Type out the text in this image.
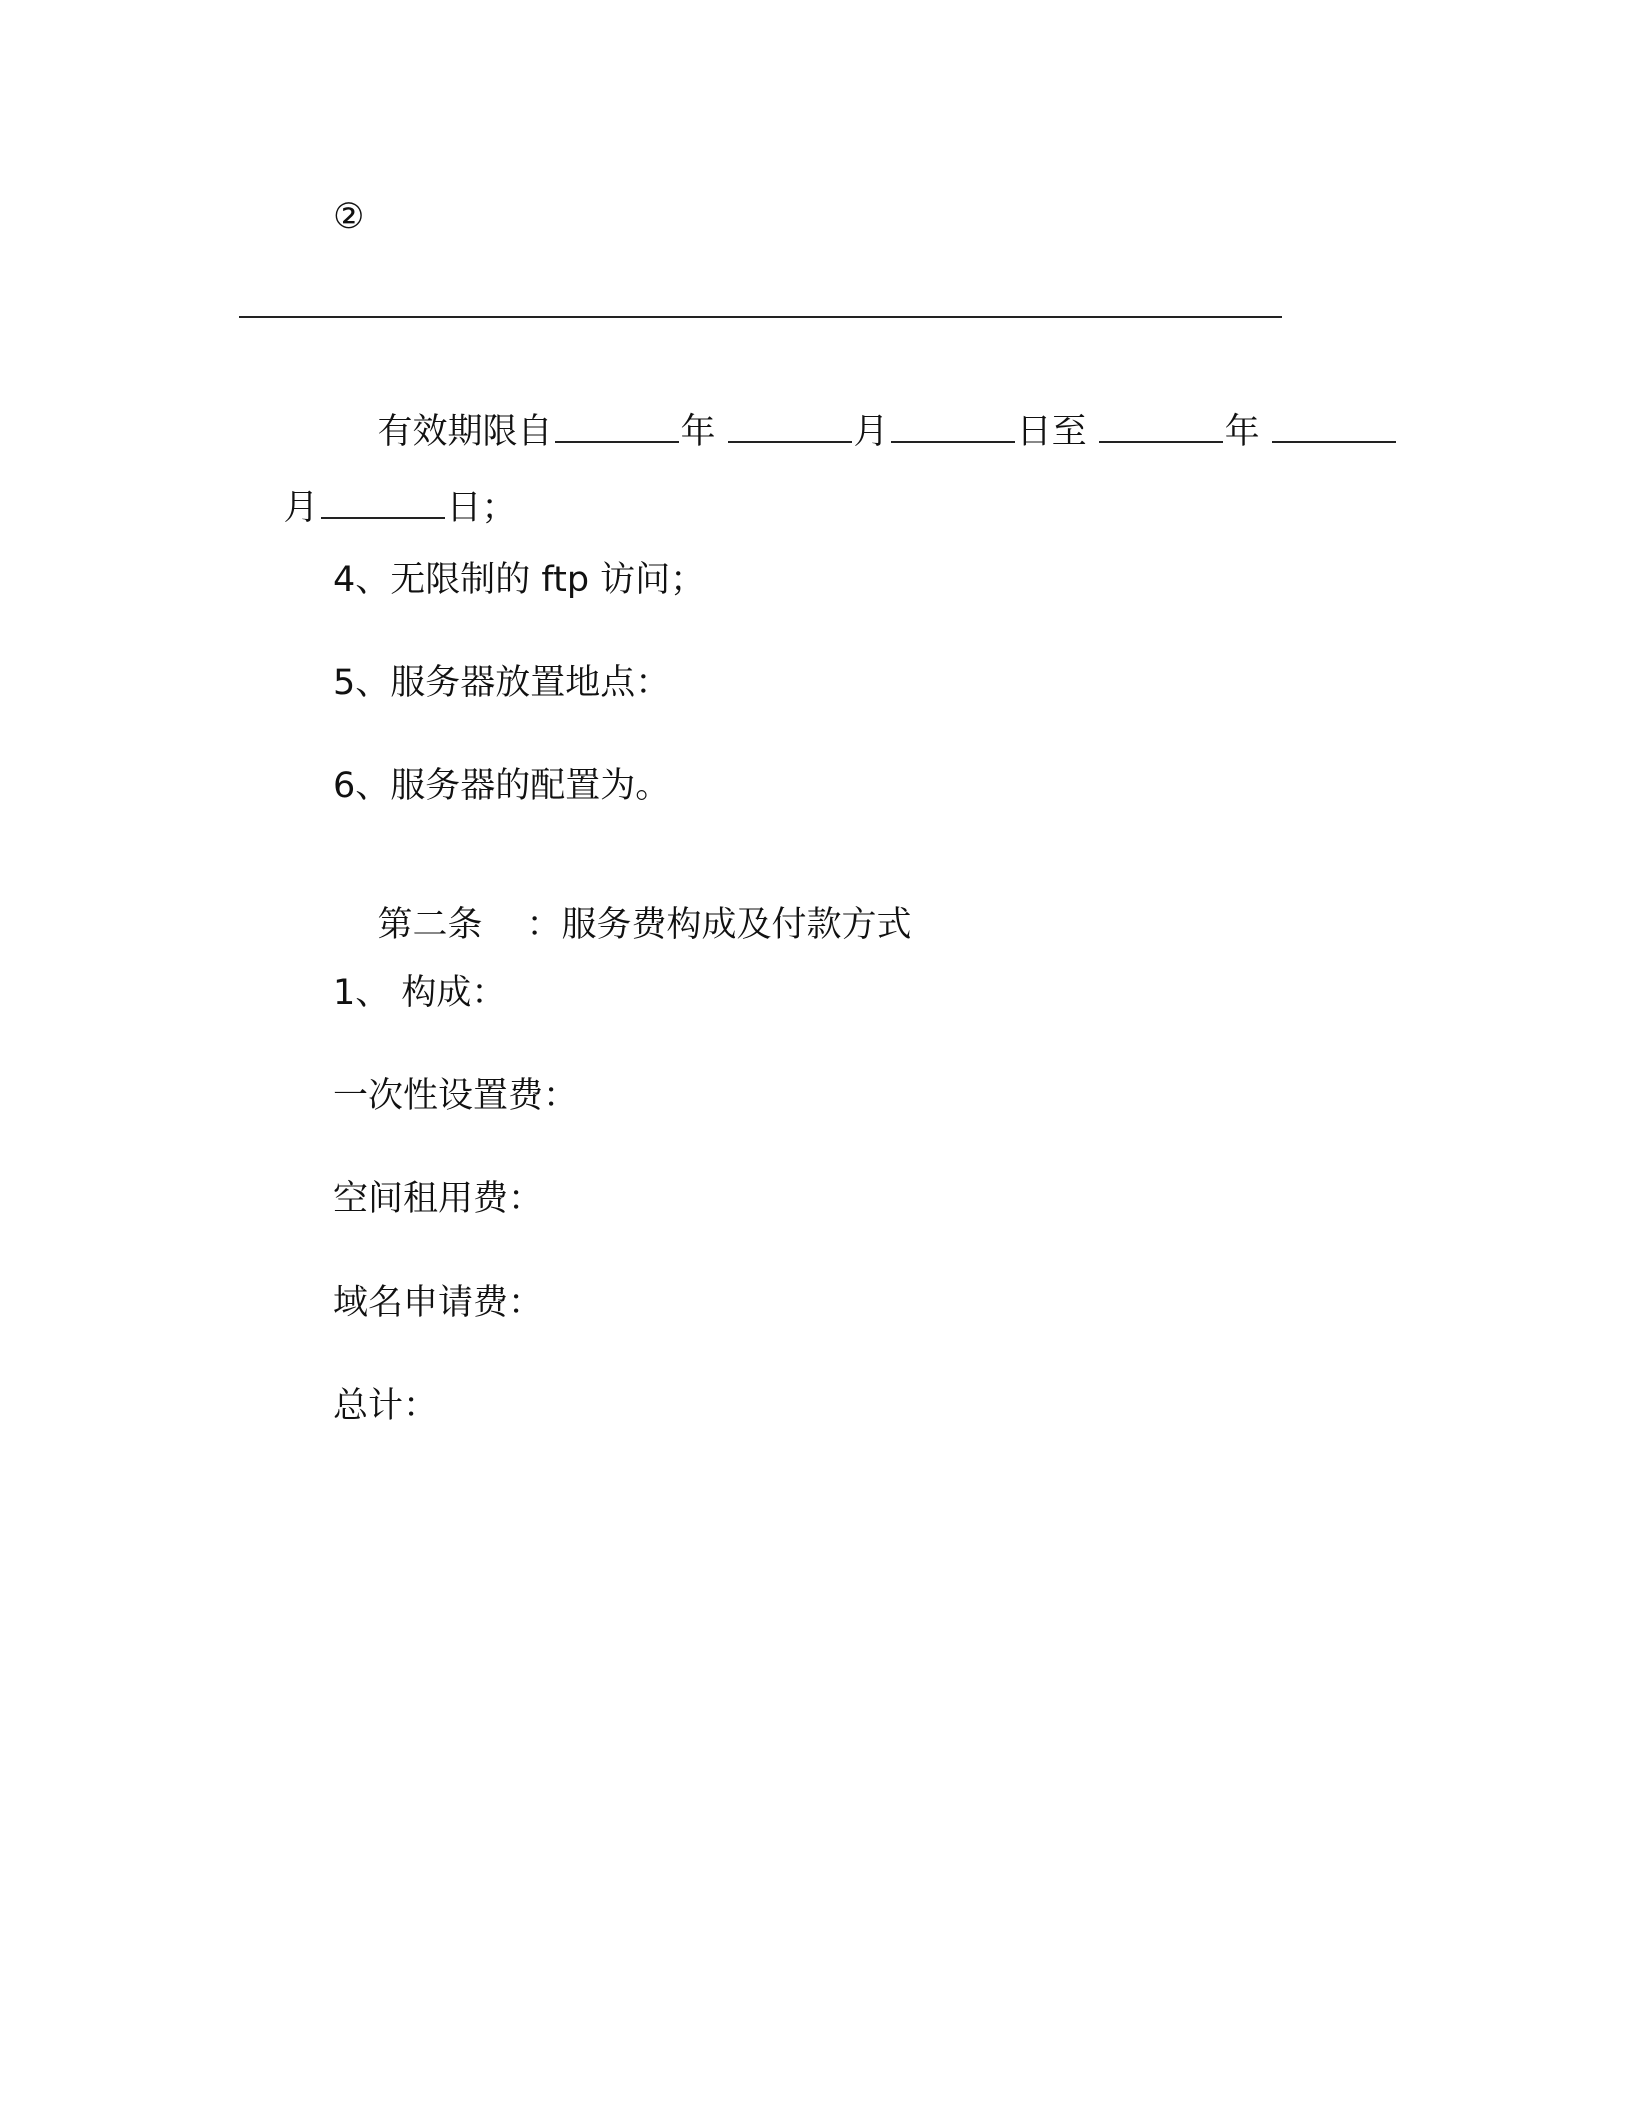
②

有效期限自	年	月	日至	年

月	日；

4、无限制的 ftp 访问；
5、服务器放置地点：
6、服务器的配置为。

第二条 ：服务费构成及付款方式

1、 构成：
一次性设置费：
空间租用费：
域名申请费：
总计：
